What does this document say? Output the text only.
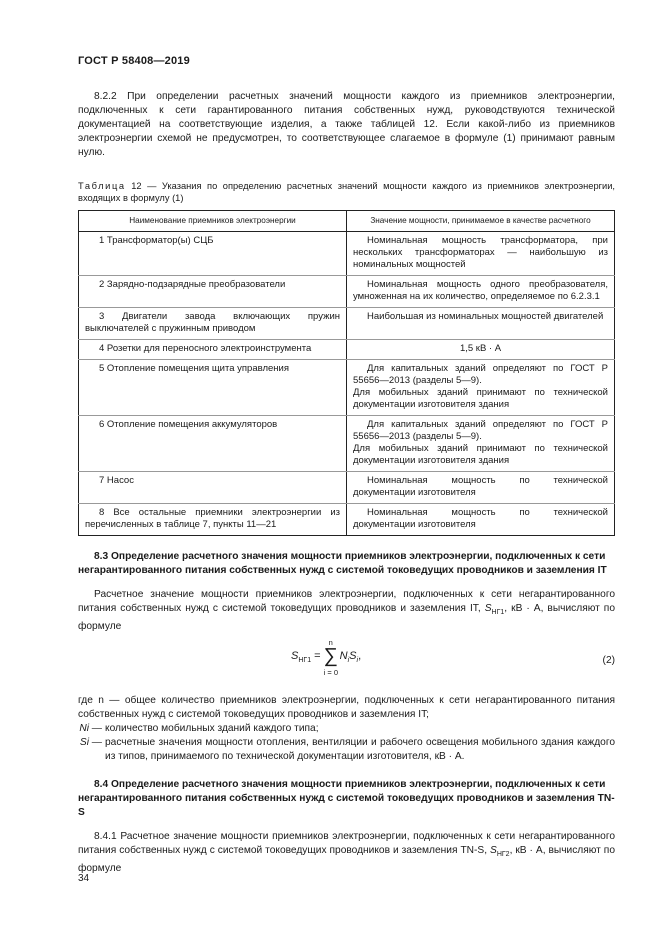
ГОСТ Р 58408—2019

8.2.2 При определении расчетных значений мощности каждого из приемников электроэнергии, подключенных к сети гарантированного питания собственных нужд, руководствуются технической документацией на соответствующие изделия, а также таблицей 12. Если какой-либо из приемников электроэнергии схемой не предусмотрен, то соответствующее слагаемое в формуле (1) принимают равным нулю.

Таблица 12 — Указания по определению расчетных значений мощности каждого из приемников электроэнергии, входящих в формулу (1)
Наименование приемников электроэнергии	Значение мощности, принимаемое в качестве расчетного
1 Трансформатор(ы) СЦБ	Номинальная мощность трансформатора, при нескольких трансформаторах — наибольшую из номинальных мощностей
2 Зарядно-подзарядные преобразователи	Номинальная мощность одного преобразователя, умноженная на их количество, определяемое по 6.2.3.1
3 Двигатели завода включающих пружин выключателей с пружинным приводом	Наибольшая из номинальных мощностей двигателей
4 Розетки для переносного электроинструмента	1,5 кВ · А
5 Отопление помещения щита управления	Для капитальных зданий определяют по ГОСТ Р 55656—2013 (разделы 5—9).
Для мобильных зданий принимают по технической документации изготовителя здания
6 Отопление помещения аккумуляторов	Для капитальных зданий определяют по ГОСТ Р 55656—2013 (разделы 5—9).
Для мобильных зданий принимают по технической документации изготовителя здания
7 Насос	Номинальная мощность по технической документации изготовителя
8 Все остальные приемники электроэнергии из перечисленных в таблице 7, пункты 11—21	Номинальная мощность по технической документации изготовителя

8.3 Определение расчетного значения мощности приемников электроэнергии, подключенных к сети негарантированного питания собственных нужд с системой токоведущих проводников и заземления IT

Расчетное значение мощности приемников электроэнергии, подключенных к сети негарантированного питания собственных нужд с системой токоведущих проводников и заземления IT, $S_{НГ1}$, кВ · А, вычисляют по формуле

$S_{НГ1}$ =
n
∑
i = 0
$N_iS_i$,	(2)

где n — общее количество приемников электроэнергии, подключенных к сети негарантированного питания собственных нужд с системой токоведущих проводников и заземления IT;

Ni — количество мобильных зданий каждого типа;
Si — расчетные значения мощности отопления, вентиляции и рабочего освещения мобильного здания каждого из типов, принимаемого по технической документации изготовителя, кВ · А.

8.4 Определение расчетного значения мощности приемников электроэнергии, подключенных к сети негарантированного питания собственных нужд с системой токоведущих проводников и заземления TN-S

8.4.1 Расчетное значение мощности приемников электроэнергии, подключенных к сети негарантированного питания собственных нужд с системой токоведущих проводников и заземления TN-S, $S_{НГ2}$, кВ · А, вычисляют по формуле

34
